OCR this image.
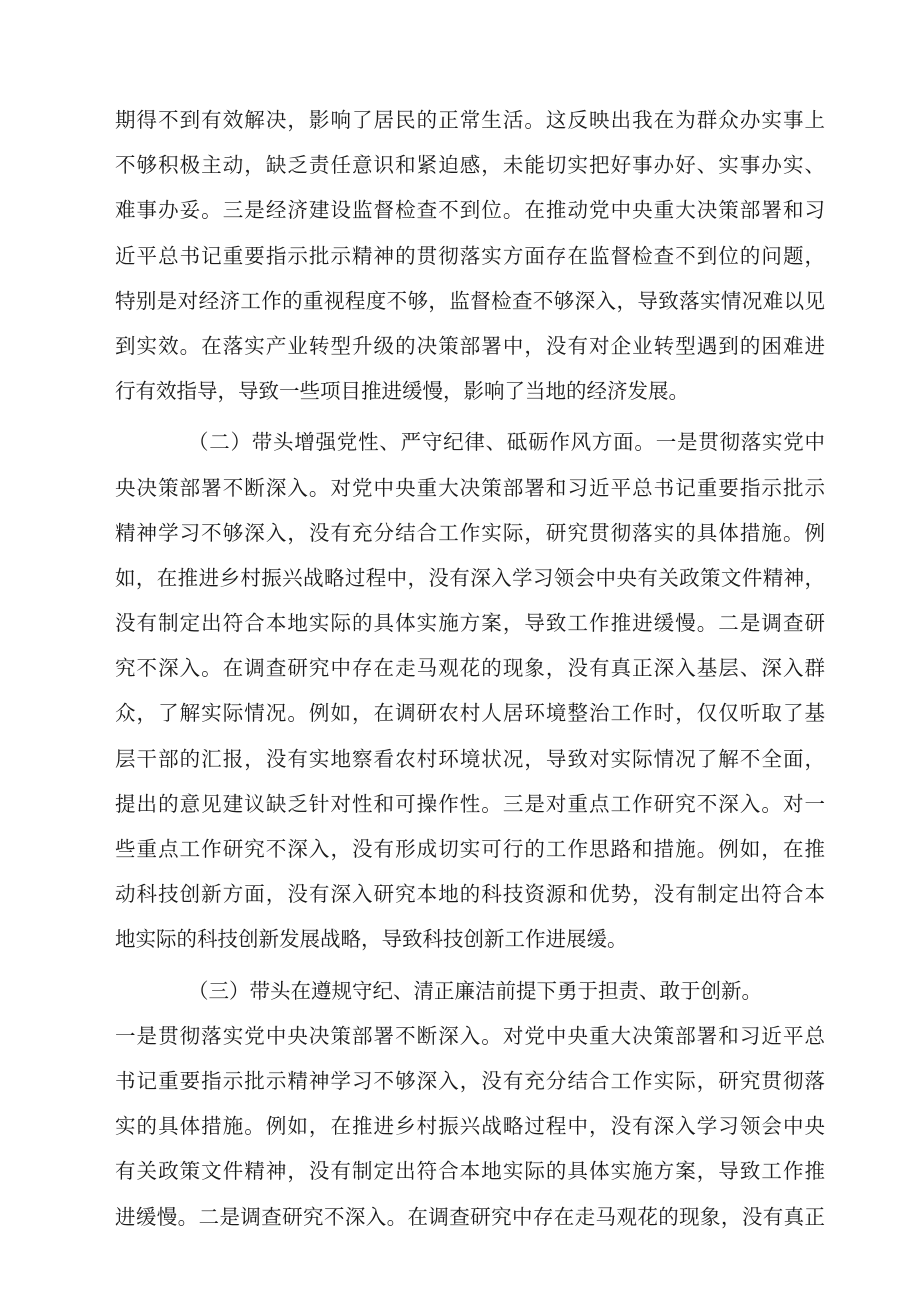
期得不到有效解决，影响了居民的正常生活。这反映出我在为群众办实事上
不够积极主动，缺乏责任意识和紧迫感，未能切实把好事办好、实事办实、
难事办妥。三是经济建设监督检查不到位。在推动党中央重大决策部署和习
近平总书记重要指示批示精神的贯彻落实方面存在监督检查不到位的问题，
特别是对经济工作的重视程度不够，监督检查不够深入，导致落实情况难以见
到实效。在落实产业转型升级的决策部署中，没有对企业转型遇到的困难进
行有效指导，导致一些项目推进缓慢，影响了当地的经济发展。
（二）带头增强党性、严守纪律、砥砺作风方面。一是贯彻落实党中
央决策部署不断深入。对党中央重大决策部署和习近平总书记重要指示批示
精神学习不够深入，没有充分结合工作实际，研究贯彻落实的具体措施。例
如，在推进乡村振兴战略过程中，没有深入学习领会中央有关政策文件精神，
没有制定出符合本地实际的具体实施方案，导致工作推进缓慢。二是调查研
究不深入。在调查研究中存在走马观花的现象，没有真正深入基层、深入群
众，了解实际情况。例如，在调研农村人居环境整治工作时，仅仅听取了基
层干部的汇报，没有实地察看农村环境状况，导致对实际情况了解不全面，
提出的意见建议缺乏针对性和可操作性。三是对重点工作研究不深入。对一
些重点工作研究不深入，没有形成切实可行的工作思路和措施。例如，在推
动科技创新方面，没有深入研究本地的科技资源和优势，没有制定出符合本
地实际的科技创新发展战略，导致科技创新工作进展缓。
（三）带头在遵规守纪、清正廉洁前提下勇于担责、敢于创新。
一是贯彻落实党中央决策部署不断深入。对党中央重大决策部署和习近平总
书记重要指示批示精神学习不够深入，没有充分结合工作实际，研究贯彻落
实的具体措施。例如，在推进乡村振兴战略过程中，没有深入学习领会中央
有关政策文件精神，没有制定出符合本地实际的具体实施方案，导致工作推
进缓慢。二是调查研究不深入。在调查研究中存在走马观花的现象，没有真正
